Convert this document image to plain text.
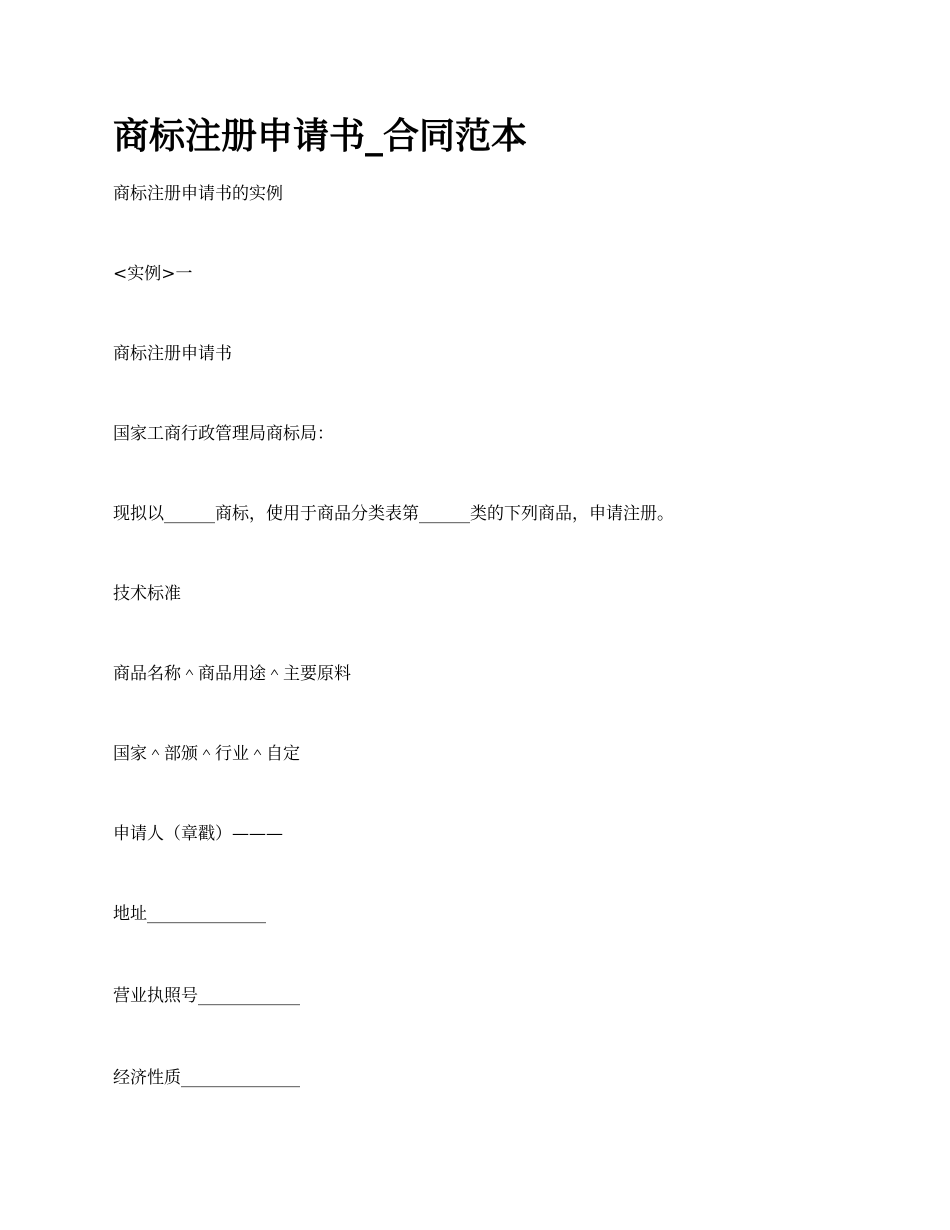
商标注册申请书_合同范本

商标注册申请书的实例

<实例>一

商标注册申请书

国家工商行政管理局商标局：

现拟以______商标，使用于商品分类表第______类的下列商品，申请注册。

技术标准

商品名称＾商品用途＾主要原料

国家＾部颁＾行业＾自定

申请人（章戳）———

地址______________

营业执照号____________

经济性质______________
